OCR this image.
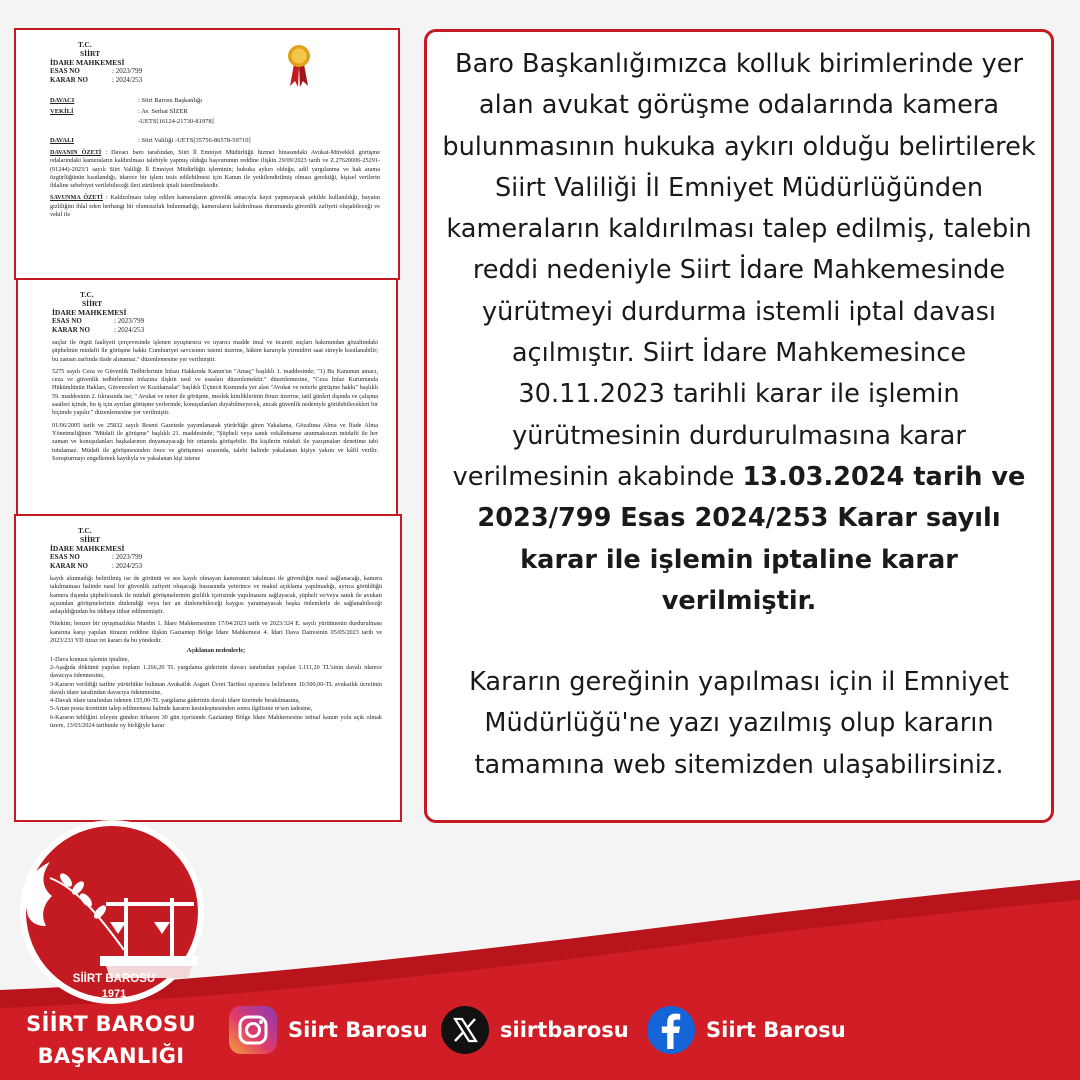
T.C.
SİİRT
İDARE MAHKEMESİ
ESAS NO	: 2023/799
KARAR NO	: 2024/253
DAVACI	: Siirt Barosu Başkanlığı
VEKİLİ	: Av. Serhat SİZER
-UETS[16124-21730-81978]
DAVALI	: Siirt Valiliği -UETS[35756-86578-59710]
DAVANIN ÖZETİ : Davacı baro tarafından, Siirt İl Emniyet Müdürlüğü hizmet binasındaki Avukat-Müvekkil görüşme odalarındaki kameraların kaldırılması talebiyle yapmış olduğu başvurunun reddine ilişkin 29/09/2023 tarih ve Z.27620006-25291-(91244)-2023/1 sayılı Siirt Valiliği İl Emniyet Müdürlüğü işleminin; hukuka aykırı olduğu, adil yargılanma ve hak arama özgürlüğünün kısıtlandığı, idarece bir işlem tesis edilebilmesi için Kanun ile yetkilendirilmiş olması gerektiği, kişisel verilerin ihlaline sebebiyet verilebileceği ileri sürülerek iptali istenilmektedir.
SAVUNMA ÖZETİ : Kaldırılması talep edilen kameraların güvenlik amacıyla kayıt yapmayacak şekilde kullanıldığı, hayatın gizliliğini ihlal eden herhangi bir olumsuzluk bulunmadığı, kameraların kaldırılması durumunda güvenlik zafiyeti oluşabileceği ve vekil ile
T.C.
SİİRT
İDARE MAHKEMESİ
ESAS NO	: 2023/799
KARAR NO	: 2024/253
suçlar ile örgüt faaliyeti çerçevesinde işlenen uyuşturucu ve uyarıcı madde imal ve ticareti suçları bakımından gözaltındaki şüphelinin müdafii ile görüşme hakkı Cumhuriyet savcısının istemi üzerine, hâkim kararıyla yirmidört saat süreyle kısıtlanabilir; bu zaman zarfında ifade alınamaz." düzenlemesine yer verilmiştir.
5275 sayılı Ceza ve Güvenlik Tedbirlerinin İnfazı Hakkında Kanun'un "Amaç" başlıklı 1. maddesinde; "1) Bu Kanunun amacı, ceza ve güvenlik tedbirlerinin infazına ilişkin usul ve esasları düzenlemektir." düzenlemesine, "Ceza İnfaz Kurumunda Hükümlünün Hakları, Güvenceleri ve Kısıtlamalar" başlıklı Üçüncü Kısmında yer alan "Avukat ve noterle görüşme hakkı" başlıklı 59. maddesinin 2. fıkrasında ise; " Avukat ve noter ile görüşme, meslek kimliklerinin ibrazı üzerine, tatil günleri dışında ve çalışma saatleri içinde, bu iş için ayrılan görüşme yerlerinde, konuşulanları duyabilmeyecek, ancak güvenlik nedeniyle görülebilecekleri bir biçimde yapılır." düzenlemesine yer verilmiştir.
01/06/2005 tarih ve 25832 sayılı Resmi Gazetede yayımlanarak yürürlüğe giren Yakalama, Gözaltına Alma ve İfade Alma Yönetmeliğinin "Müdafi ile görüşme" başlıklı 21. maddesinde; "Şüpheli veya sanık vekâletname aranmaksızın müdafii ile her zaman ve konuşulanları başkalarının duyamayacağı bir ortamda görüşebilir. Bu kişilerin müdafi ile yazışmaları denetime tabi tutulamaz. Müdafi ile görüşmesinden önce ve görüşmesi sırasında, talebi halinde yakalanan kişiye yakını ve kâfil verilir. Soruşturmayı engellemek kaydıyla ve yakalanan kişi isterse
T.C.
SİİRT
İDARE MAHKEMESİ
ESAS NO	: 2023/799
KARAR NO	: 2024/253
kaydı alınmadığı belirtilmiş ise de görüntü ve ses kaydı olmayan kameranın takılması ile güvenliğin nasıl sağlanacağı, kamera takılmaması halinde nasıl bir güvenlik zafiyeti oluşacağı hususunda yeterince ve makul açıklama yapılmadığı, ayrıca görüldüğü kamera dışında şüpheli/sanık ile müdafi görüşmelerinin gizlilik içerisinde yapılmasını sağlayacak, şüpheli ve/veya sanık ile avukatı açısından görüşmelerinin dinlendiği veya her an dinlenebileceği kaygısı yaratmayacak başka önlemlerle de sağlanabileceği anlaşıldığından bu iddiaya itibar edilmemiştir.
Nitekim; benzer bir uyuşmazlıkta Mardin 1. İdare Mahkemesinin 17/04/2023 tarih ve 2023/324 E. sayılı yürütmenin durdurulması kararına karşı yapılan itirazın reddine ilişkin Gaziantep Bölge İdare Mahkemesi 4. İdari Dava Dairesinin 05/05/2023 tarih ve 2023/233 YD itiraz ret kararı da bu yöndedir.
Açıklanan nedenlerle;
1-Dava konusu işlemin iptaline,
2-Aşağıda dökümü yapılan toplam 1.266,20 TL yargılama giderinin davacı tarafından yapılan 1.111,20 TL'sinin davalı idarece davacıya ödenmesine,
3-Kararın verildiği tarihte yürürlükte bulunan Avukatlık Asgari Ücret Tarifesi uyarınca belirlenen 10.500,00-TL avukatlık ücretinin davalı idare tarafından davacıya ödenmesine,
4-Davalı idare tarafından ödenen 155,00-TL yargılama giderinin davalı idare üzerinde bırakılmasına,
5-Artan posta ücretinin talep edilmemesi halinde kararın kesinleşmesinden sonra ilgilisine re'sen iadesine,
6-Kararın tebliğini izleyen günden itibaren 30 gün içerisinde Gaziantep Bölge İdare Mahkemesine istinaf kanun yolu açık olmak üzere, 13/03/2024 tarihinde oy birliğiyle karar
Baro Başkanlığımızca kolluk birimlerinde yer alan avukat görüşme odalarında kamera bulunmasının hukuka aykırı olduğu belirtilerek Siirt Valiliği İl Emniyet Müdürlüğünden kameraların kaldırılması talep edilmiş, talebin reddi nedeniyle Siirt İdare Mahkemesinde yürütmeyi durdurma istemli iptal davası açılmıştır. Siirt İdare Mahkemesince 30.11.2023 tarihli karar ile işlemin yürütmesinin durdurulmasına karar verilmesinin akabinde 13.03.2024 tarih ve 2023/799 Esas 2024/253 Karar sayılı karar ile işlemin iptaline karar verilmiştir.
Kararın gereğinin yapılması için il Emniyet Müdürlüğü'ne yazı yazılmış olup kararın tamamına web sitemizden ulaşabilirsiniz.
SİİRT BAROSU
1971
SİİRT BAROSU
BAŞKANLIĞI
Siirt Barosu	siirtbarosu	Siirt Barosu
